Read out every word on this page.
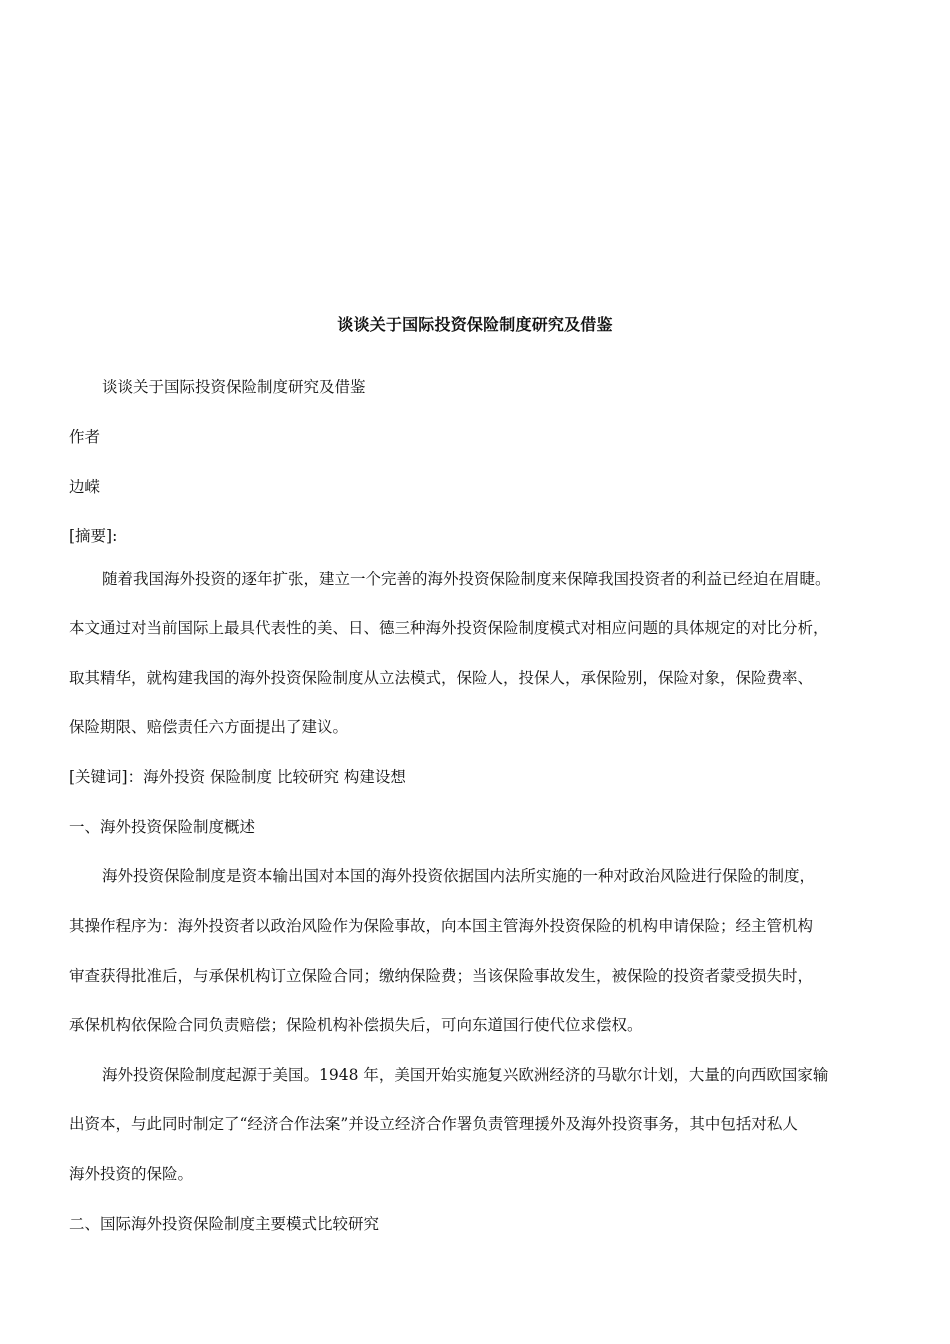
谈谈关于国际投资保险制度研究及借鉴
谈谈关于国际投资保险制度研究及借鉴
作者
边嵘
[摘要]:
随着我国海外投资的逐年扩张，建立一个完善的海外投资保险制度来保障我国投资者的利益已经迫在眉睫。
本文通过对当前国际上最具代表性的美、日、德三种海外投资保险制度模式对相应问题的具体规定的对比分析，
取其精华，就构建我国的海外投资保险制度从立法模式，保险人，投保人，承保险别，保险对象，保险费率、
保险期限、赔偿责任六方面提出了建议。
[关键词]：海外投资 保险制度 比较研究 构建设想
一、海外投资保险制度概述
海外投资保险制度是资本输出国对本国的海外投资依据国内法所实施的一种对政治风险进行保险的制度，
其操作程序为：海外投资者以政治风险作为保险事故，向本国主管海外投资保险的机构申请保险；经主管机构
审查获得批准后，与承保机构订立保险合同；缴纳保险费；当该保险事故发生，被保险的投资者蒙受损失时，
承保机构依保险合同负责赔偿；保险机构补偿损失后，可向东道国行使代位求偿权。
海外投资保险制度起源于美国。1948 年，美国开始实施复兴欧洲经济的马歇尔计划，大量的向西欧国家输
出资本，与此同时制定了“经济合作法案”并设立经济合作署负责管理援外及海外投资事务，其中包括对私人
海外投资的保险。
二、国际海外投资保险制度主要模式比较研究
